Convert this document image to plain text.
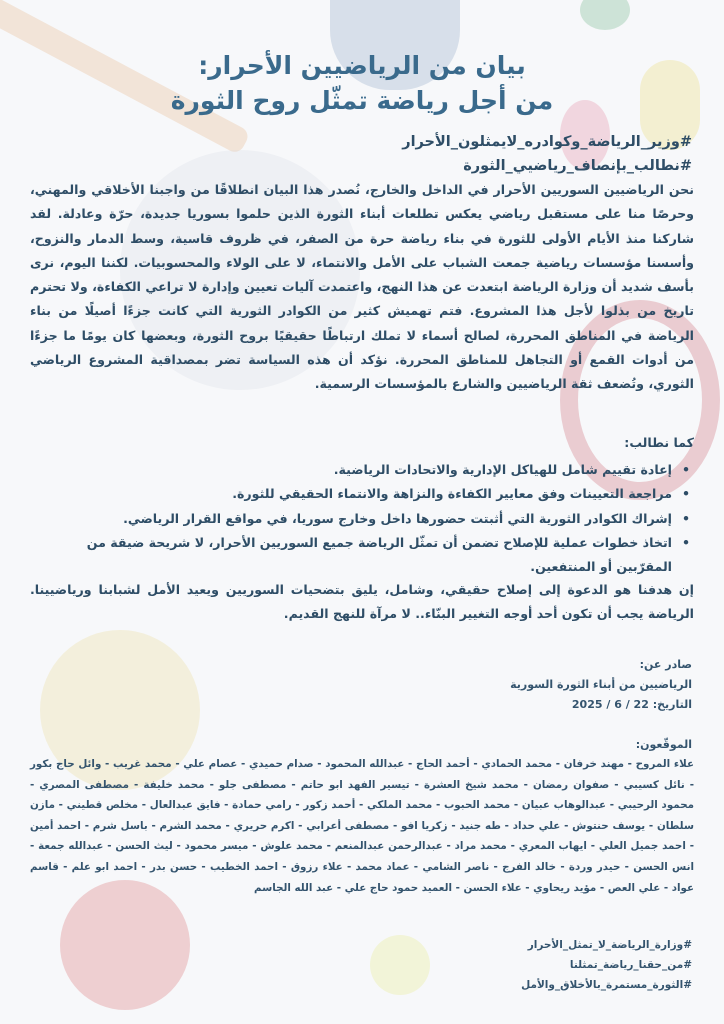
بيان من الرياضيين الأحرار:
من أجل رياضة تمثّل روح الثورة
#وزير_الرياضة_وكوادره_لايمثلون_الأحرار
#نطالب_بإنصاف_رياضيي_الثورة
نحن الرياضيين السوريين الأحرار في الداخل والخارج، نُصدر هذا البيان انطلاقًا من واجبنا الأخلاقي والمهني، وحرصًا منا على مستقبل رياضي يعكس تطلعات أبناء الثورة الذين حلموا بسوريا جديدة، حرّة وعادلة. لقد شاركنا منذ الأيام الأولى للثورة في بناء رياضة حرة من الصفر، في ظروف قاسية، وسط الدمار والنزوح، وأسسنا مؤسسات رياضية جمعت الشباب على الأمل والانتماء، لا على الولاء والمحسوبيات. لكننا اليوم، نرى بأسف شديد أن وزارة الرياضة ابتعدت عن هذا النهج، واعتمدت آليات تعيين وإدارة لا تراعي الكفاءة، ولا تحترم تاريخ من بذلوا لأجل هذا المشروع. فتم تهميش كثير من الكوادر الثورية التي كانت جزءًا أصيلًا من بناء الرياضة في المناطق المحررة، لصالح أسماء لا تملك ارتباطًا حقيقيًا بروح الثورة، وبعضها كان يومًا ما جزءًا من أدوات القمع أو التجاهل للمناطق المحررة. نؤكد أن هذه السياسة تضر بمصداقية المشروع الرياضي الثوري، وتُضعف ثقة الرياضيين والشارع بالمؤسسات الرسمية.
كما نطالب:
•
إعادة تقييم شامل للهياكل الإدارية والاتحادات الرياضية.
•
مراجعة التعيينات وفق معايير الكفاءة والنزاهة والانتماء الحقيقي للثورة.
•
إشراك الكوادر الثورية التي أثبتت حضورها داخل وخارج سوريا، في مواقع القرار الرياضي.
•
اتخاذ خطوات عملية للإصلاح تضمن أن تمثّل الرياضة جميع السوريين الأحرار، لا شريحة ضيقة من المقرّبين أو المنتفعين.
إن هدفنا هو الدعوة إلى إصلاح حقيقي، وشامل، يليق بتضحيات السوريين ويعيد الأمل لشبابنا ورياضيينا. الرياضة يجب أن تكون أحد أوجه التغيير البنّاء.. لا مرآة للنهج القديم.
صادر عن:
الرياضيين من أبناء الثورة السورية
التاريخ: 22 / 6 / 2025
الموقّعون:
علاء المروح - مهند خرفان - محمد الحمادي - أحمد الحاج - عبدالله المحمود - صدام حميدي - عصام علي - محمد غريب - وائل حاج بكور - نائل كسيبي - صفوان رمضان - محمد شيخ العشرة - تيسير الفهد ابو حاتم - مصطفى جلو - محمد خليفة - مصطفى المصري - محمود الرحيبي - عبدالوهاب عبيان - محمد الحبوب - محمد الملكي - أحمد زكور - رامي حمادة - فايق عبدالعال - مخلص قطيني - مازن سلطان - يوسف حنتوش - علي حداد - طه جنيد - زكريا افو - مصطفى أعرابي - اكرم حريري - محمد الشرم - باسل شرم - احمد أمين - احمد جميل العلي - ايهاب المعري - محمد مراد - عبدالرحمن عبدالمنعم - محمد علوش - ميسر محمود - ليث الحسن - عبدالله جمعة - انس الحسن - حيدر وردة - خالد الفرج - ناصر الشامي - عماد محمد - علاء رزوق - احمد الخطيب - حسن بدر - احمد ابو علم - قاسم عواد - علي العص - مؤيد ريحاوي - علاء الحسن - العميد حمود حاج علي - عبد الله الجاسم
#وزارة_الرياضة_لا_تمثل_الأحرار
#من_حقنا_رياضة_تمثلنا
#الثورة_مستمرة_بالأخلاق_والأمل
